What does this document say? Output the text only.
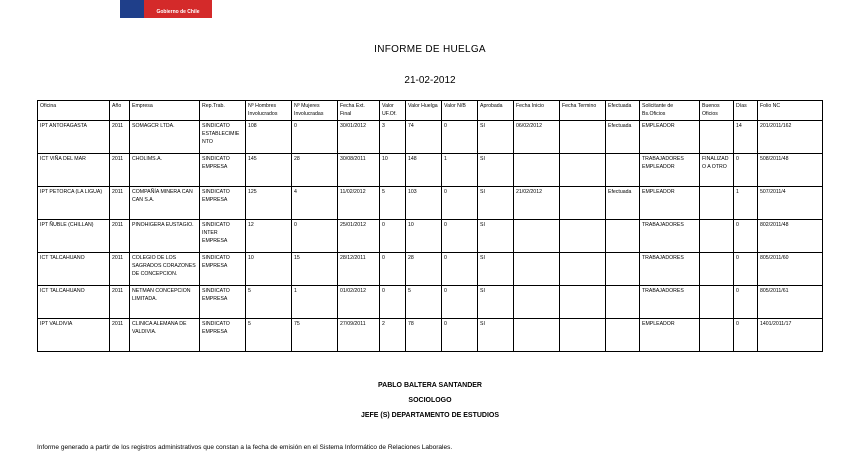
Gobierno de Chile
INFORME DE HUELGA
21-02-2012
Oficina	Año	Empresa	Rep.Trab.	Nº Hombres Involucrados	Nº Mujeres Involucradas	Fecha Ext. Final	Valor UF.Of.	Valor Huelga	Valor N/B	Aprobada	Fecha Inicio	Fecha Termino	Efectuada	Solicitante de Bs.Oficios	Buenos Oficios	Días	Folio NC
IPT ANTOFAGASTA	2011	SOMAGCR LTDA.	SINDICATO ESTABLECIMIENTO	108	0	30/01/2012	3	74	0	SI	06/02/2012		Efectuada	EMPLEADOR		14	201/2011/162
ICT VIÑA DEL MAR	2011	CHOLIMS.A.	SINDICATO EMPRESA	145	28	30/08/2011	10	148	1	SI				TRABAJADORES EMPLEADOR	FINALIZADO A OTRO	0	508/2011/48
IPT PETORCA (LA LIGUA)	2011	COMPAÑÍA MINERA CAN CAN S.A.	SINDICATO EMPRESA	125	4	11/02/2012	5	103	0	SI	21/02/2012		Efectuada	EMPLEADOR		1	507/2011/4
IPT ÑUBLE (CHILLAN)	2011	PINOHIGERA EUSTAGIO.	SINDICATO INTER EMPRESA	12	0	25/01/2012	0	10	0	SI				TRABAJADORES		0	802/2011/48
ICT TALCAHUANO	2011	COLEGIO DE LOS SAGRADOS CORAZONES DE CONCEPCION.	SINDICATO EMPRESA	10	15	28/12/2011	0	28	0	SI				TRABAJADORES		0	805/2011/60
ICT TALCAHUANO	2011	NETMAN CONCEPCION LIMITADA.	SINDICATO EMPRESA	5	1	01/02/2012	0	5	0	SI				TRABAJADORES		0	805/2011/61
IPT VALDIVIA	2011	CLINICA ALEMANA DE VALDIVIA.	SINDICATO EMPRESA	5	75	27/09/2011	2	78	0	SI				EMPLEADOR		0	1401/2011/17
PABLO BALTERA SANTANDER
SOCIOLOGO
JEFE (S) DEPARTAMENTO DE ESTUDIOS
Informe generado a partir de los registros administrativos que constan a la fecha de emisión en el Sistema Informático de Relaciones Laborales.
